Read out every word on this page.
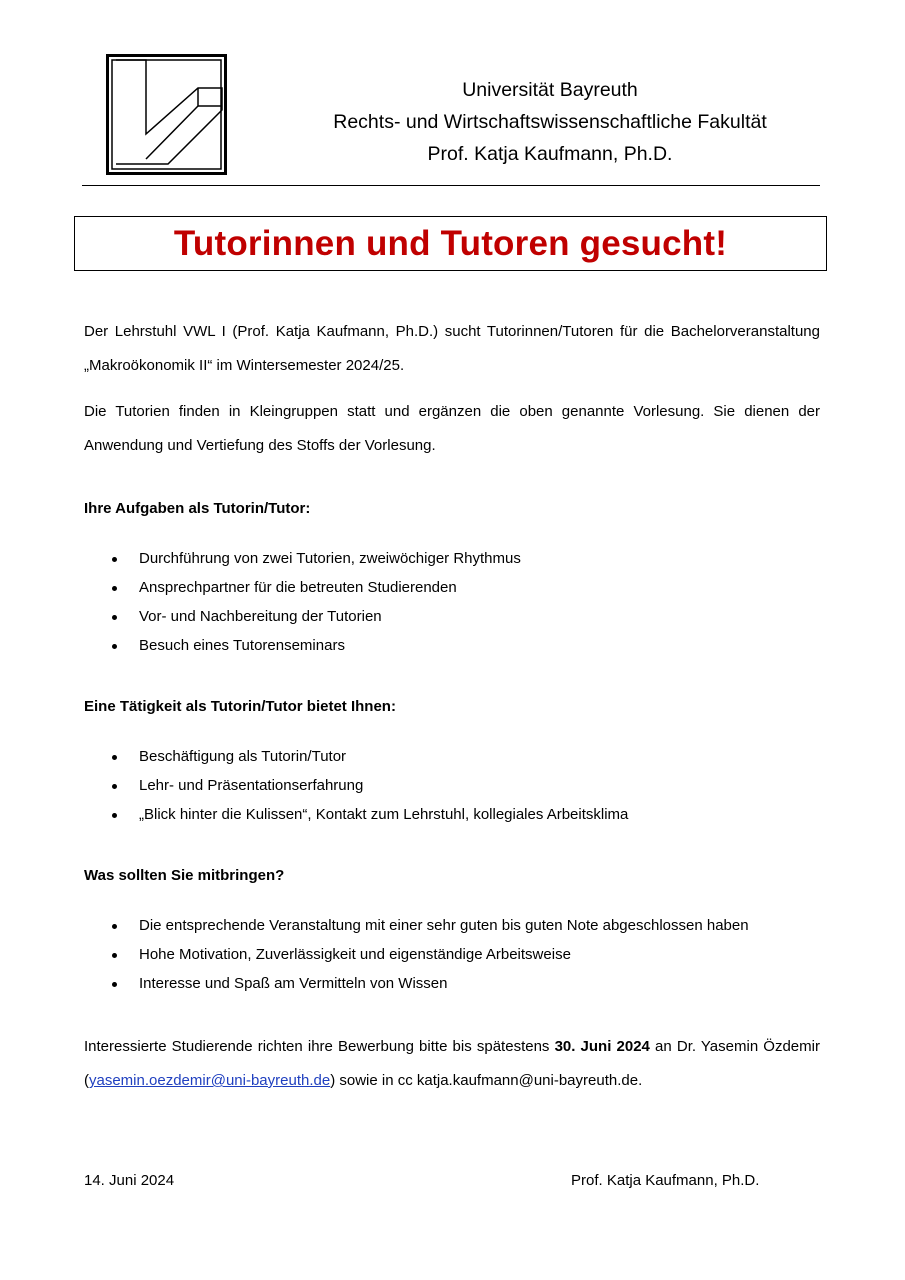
Universität Bayreuth
Rechts- und Wirtschaftswissenschaftliche Fakultät
Prof. Katja Kaufmann, Ph.D.
Tutorinnen und Tutoren gesucht!

Der Lehrstuhl VWL I (Prof. Katja Kaufmann, Ph.D.) sucht Tutorinnen/Tutoren für die Bachelorveranstaltung „Makroökonomik II“ im Wintersemester 2024/25.

Die Tutorien finden in Kleingruppen statt und ergänzen die oben genannte Vorlesung. Sie dienen der Anwendung und Vertiefung des Stoffs der Vorlesung.

Ihre Aufgaben als Tutorin/Tutor:

Durchführung von zwei Tutorien, zweiwöchiger Rhythmus
Ansprechpartner für die betreuten Studierenden
Vor- und Nachbereitung der Tutorien
Besuch eines Tutorenseminars

Eine Tätigkeit als Tutorin/Tutor bietet Ihnen:

Beschäftigung als Tutorin/Tutor
Lehr- und Präsentationserfahrung
„Blick hinter die Kulissen“, Kontakt zum Lehrstuhl, kollegiales Arbeitsklima

Was sollten Sie mitbringen?

Die entsprechende Veranstaltung mit einer sehr guten bis guten Note abgeschlossen haben
Hohe Motivation, Zuverlässigkeit und eigenständige Arbeitsweise
Interesse und Spaß am Vermitteln von Wissen

Interessierte Studierende richten ihre Bewerbung bitte bis spätestens 30. Juni 2024 an Dr. Yasemin Özdemir (yasemin.oezdemir@uni-bayreuth.de) sowie in cc katja.kaufmann@uni-bayreuth.de.

14. Juni 2024	Prof. Katja Kaufmann, Ph.D.
